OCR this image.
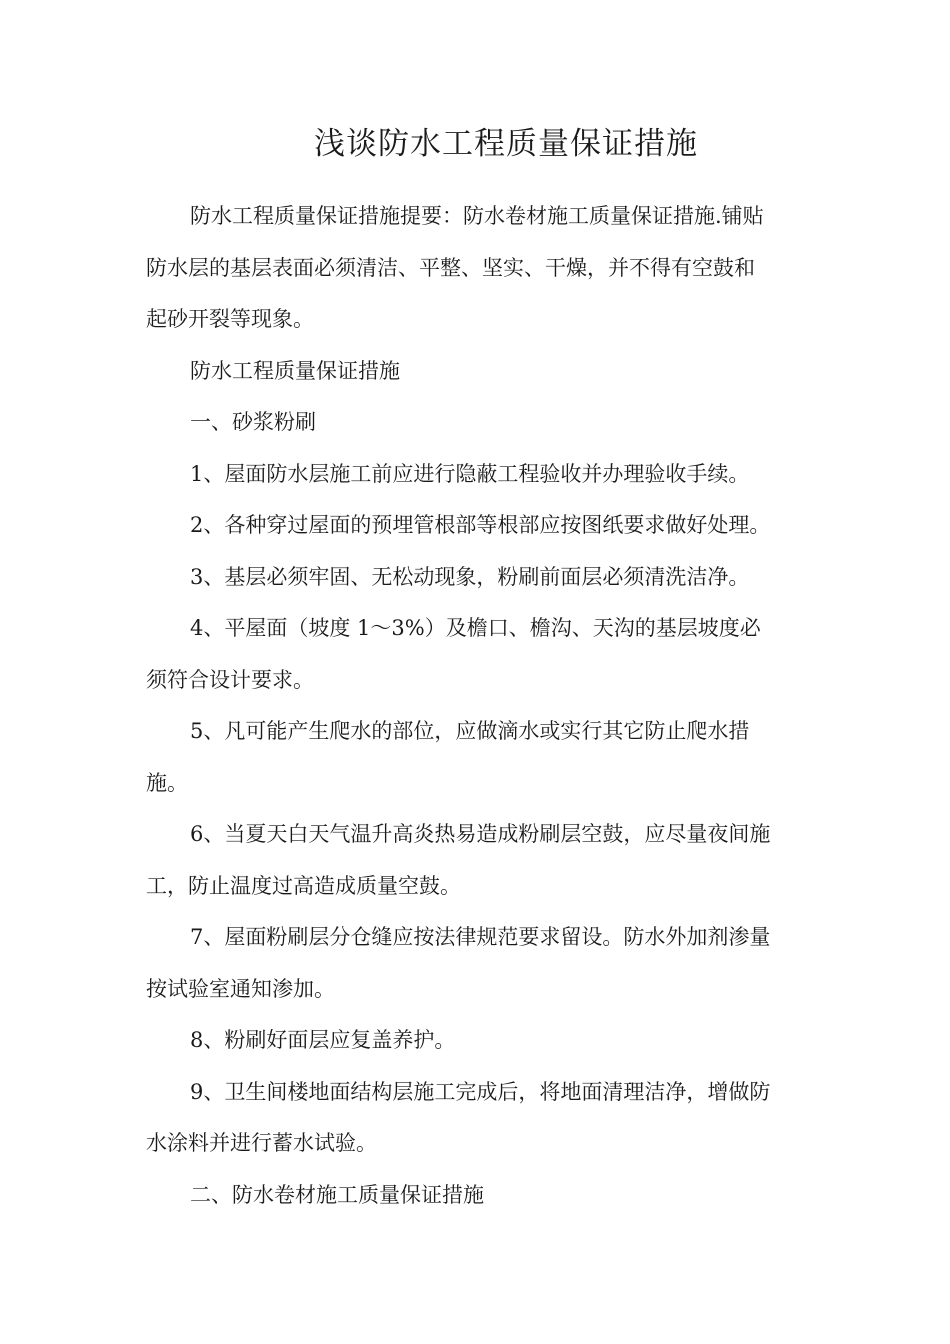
浅谈防水工程质量保证措施

防水工程质量保证措施提要：防水卷材施工质量保证措施.铺贴
防水层的基层表面必须清洁、平整、坚实、干燥，并不得有空鼓和
起砂开裂等现象。

防水工程质量保证措施

一、砂浆粉刷

1、屋面防水层施工前应进行隐蔽工程验收并办理验收手续。

2、各种穿过屋面的预埋管根部等根部应按图纸要求做好处理。

3、基层必须牢固、无松动现象，粉刷前面层必须清洗洁净。

4、平屋面（坡度 1～3%）及檐口、檐沟、天沟的基层坡度必
须符合设计要求。

5、凡可能产生爬水的部位，应做滴水或实行其它防止爬水措
施。

6、当夏天白天气温升高炎热易造成粉刷层空鼓，应尽量夜间施
工，防止温度过高造成质量空鼓。

7、屋面粉刷层分仓缝应按法律规范要求留设。防水外加剂渗量
按试验室通知渗加。

8、粉刷好面层应复盖养护。

9、卫生间楼地面结构层施工完成后，将地面清理洁净，增做防
水涂料并进行蓄水试验。

二、防水卷材施工质量保证措施
